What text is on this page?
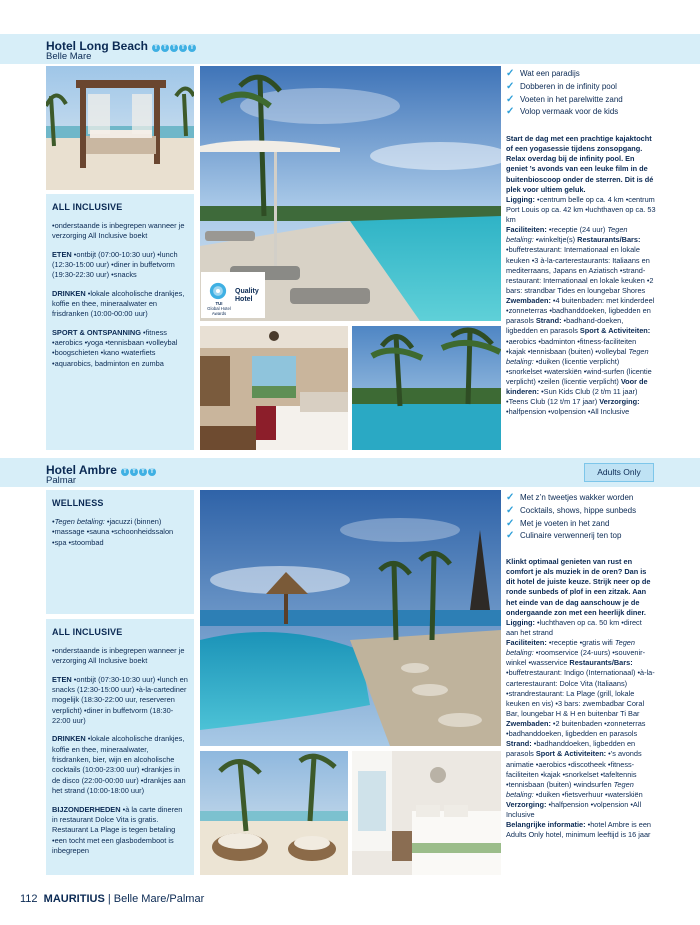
Hotel Long Beach T T T T T
Belle Mare
TUI
Global Hotel
Awards
Quality
Hotel
✓ Wat een paradijs
✓ Dobberen in de infinity pool
✓ Voeten in het parelwitte zand
✓ Volop vermaak voor de kids
Start de dag met een prachtige kajaktocht of een yogasessie tijdens zonsopgang. Relax overdag bij de infinity pool. En geniet ’s avonds van een leuke film in de buitenbioscoop onder de sterren. Dit is dé plek voor ultiem geluk.
Ligging: •centrum belle op ca. 4 km •centrum Port Louis op ca. 42 km •luchthaven op ca. 53 km
Faciliteiten: •receptie (24 uur) Tegen betaling: •winkeltje(s) Restaurants/Bars: •buffetrestaurant: Internationaal en lokale keuken •3 à-la-carterestaurants: Italiaans en mediterraans, Japans en Aziatisch •strand-restaurant: Internationaal en lokale keuken •2 bars: strandbar Tides en loungebar Shores Zwembaden: •4 buitenbaden: met kinderdeel •zonneterras •badhanddoeken, ligbedden en parasols Strand: •badhand-doeken, ligbedden en parasols Sport & Activiteiten: •aerobics •badminton •fitness-faciliteiten •kajak •tennisbaan (buiten) •volleybal Tegen betaling: •duiken (licentie verplicht) •snorkelset •waterskiën •wind-surfen (licentie verplicht) •zeilen (licentie verplicht) Voor de kinderen: •Sun Kids Club (2 t/m 11 jaar) •Teens Club (12 t/m 17 jaar) Verzorging: •halfpension •volpension •All Inclusive
ALL INCLUSIVE

•onderstaande is inbegrepen wanneer je verzorging All Inclusive boekt

ETEN •ontbijt (07:00-10:30 uur) •lunch (12:30-15:00 uur) •diner in buffetvorm (19:30-22:30 uur) •snacks

DRINKEN •lokale alcoholische drankjes, koffie en thee, mineraalwater en frisdranken (10:00-00:00 uur)

SPORT & ONTSPANNING •fitness •aerobics •yoga •tennisbaan •volleybal •boogschieten •kano •waterfiets •aquarobics, badminton en zumba

Hotel Ambre T T T T
Palmar
Adults Only
WELLNESS

•Tegen betaling: •jacuzzi (binnen) •massage •sauna •schoonheidssalon •spa •stoombad

ALL INCLUSIVE

•onderstaande is inbegrepen wanneer je verzorging All Inclusive boekt

ETEN •ontbijt (07:30-10:30 uur) •lunch en snacks (12:30-15:00 uur) •à-la-cartediner mogelijk (18:30-22:00 uur, reserveren verplicht) •diner in buffetvorm (18:30-22:00 uur)

DRINKEN •lokale alcoholische drankjes, koffie en thee, mineraalwater, frisdranken, bier, wijn en alcoholische cocktails (10:00-23:00 uur) •drankjes in de disco (22:00-00:00 uur) •drankjes aan het strand (10:00-18:00 uur)

BIJZONDERHEDEN •à la carte dineren in restaurant Dolce Vita is gratis. Restaurant La Plage is tegen betaling •een tocht met een glasbodemboot is inbegrepen

✓ Met z’n tweetjes wakker worden
✓ Cocktails, shows, hippe sunbeds
✓ Met je voeten in het zand
✓ Culinaire verwennerij ten top
Klinkt optimaal genieten van rust en comfort je als muziek in de oren? Dan is dit hotel de juiste keuze. Strijk neer op de ronde sunbeds of plof in een zitzak. Aan het einde van de dag aanschouw je de ondergaande zon met een heerlijk diner.
Ligging: •luchthaven op ca. 50 km •direct aan het strand
Faciliteiten: •receptie •gratis wifi Tegen betaling: •roomservice (24-uurs) •souvenir-winkel •wasservice Restaurants/Bars: •buffetrestaurant: Indigo (Internationaal) •à-la-carterestaurant: Dolce Vita (Italiaans) •strandrestaurant: La Plage (grill, lokale keuken en vis) •3 bars: zwembadbar Coral Bar, loungebar H & H en buitenbar Ti Bar
Zwembaden: •2 buitenbaden •zonneterras •badhanddoeken, ligbedden en parasols
Strand: •badhanddoeken, ligbedden en parasols Sport & Activiteiten: •’s avonds animatie •aerobics •discotheek •fitness-faciliteiten •kajak •snorkelset •tafeltennis •tennisbaan (buiten) •windsurfen Tegen betaling: •duiken •fietsverhuur •waterskiën
Verzorging: •halfpension •volpension •All Inclusive
Belangrijke informatie: •hotel Ambre is een Adults Only hotel, minimum leeftijd is 16 jaar
112 MAURITIUS | Belle Mare/Palmar
